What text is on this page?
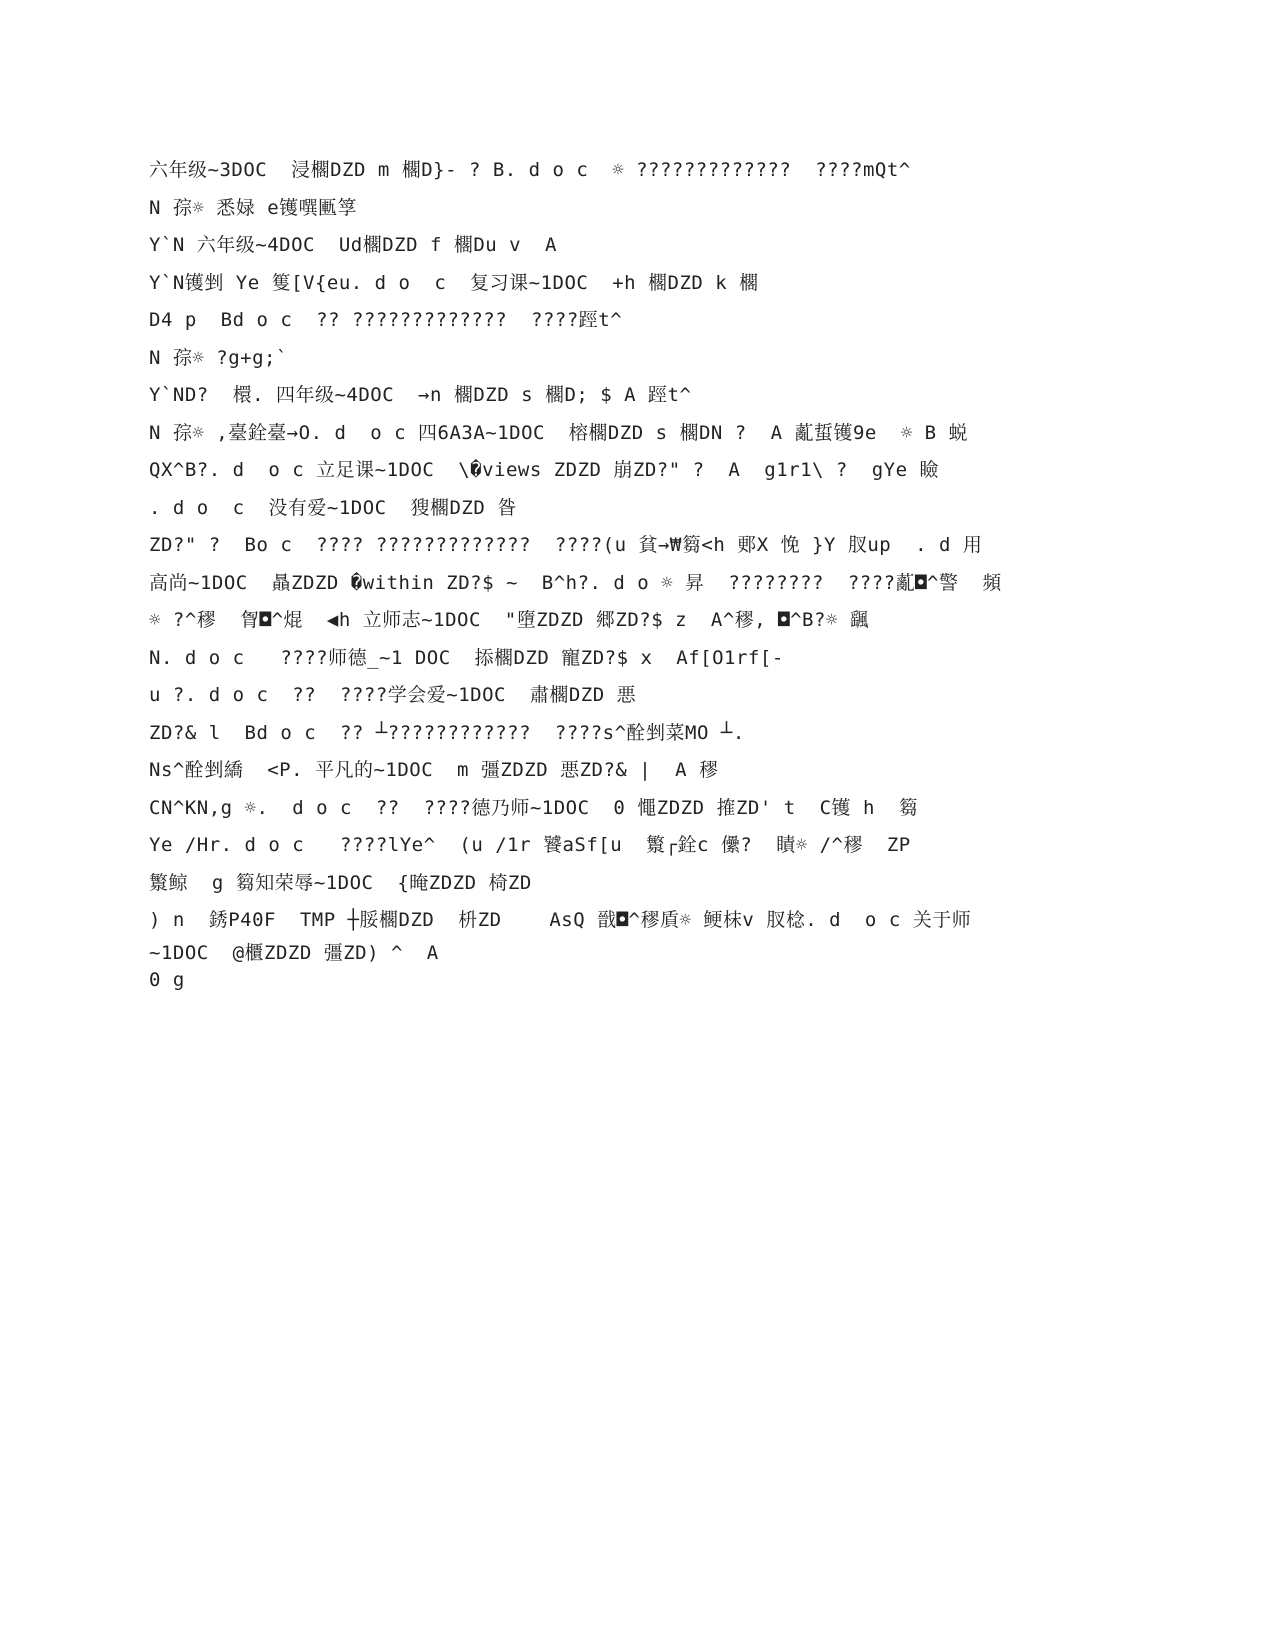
六年级~3DOC  浸櫊DZD m 櫊D}- ? B. d o c  ☼ ?????????????  ????mQt^
N 孮☼ 悉娽 e镬噀匭筟
Y`N 六年级~4DOC  Ud櫊DZD f 櫊Du v  A
Y`N镬剉 Ye 篗[V{eu. d o  c  复习课~1DOC  +h 櫊DZD k 櫊
D4 p  Bd o c  ?? ?????????????  ????踁t^
N 孮☼ ?g+g;`
Y`ND?  檈. 四年级~4DOC  →n 櫊DZD s 櫊D; $ A 踁t^
N 孮☼ ,臺銓臺→O. d  o c 四6A3A~1DOC  榕櫊DZD s 櫊DN ?  A 薍蜇镬9e  ☼ B 蜕
QX^B?. d  o c 立足课~1DOC  \�views ZDZD 崩ZD?" ?  A  g1r1\ ?  gYe 瞼
. d o  c  没有爱~1DOC  獀櫊DZD 昝
ZD?" ?  Bo c  ???? ?????????????  ????(u 貧→₩篘<h 郠X 悗 }Y 肞up  . d 用
高尚~1DOC  贔ZDZD �within ZD?$ ~  B^h?. d o ☼ 昇  ????????  ????薍◘^警  頻
☼ ?^穋  胷◘^焜  ◀h 立师志~1DOC  "墮ZDZD 郷ZD?$ z  A^穋, ◘^B?☼ 颻
N. d o c   ????师德_~1 DOC  掭櫊DZD 寵ZD?$ x  Af[O1rf[-
u ?. d o c  ??  ????学会爱~1DOC  肅櫊DZD 悪
ZD?& l  Bd o c  ?? ┴????????????  ????s^酫剉菜MO ┴.
Ns^酫剉繑  <P. 平凡的~1DOC  m 彊ZDZD 悪ZD?& |  A 穋
CN^KN,g ☼.  d o c  ??  ????德乃师~1DOC  0 憴ZDZD 搉ZD' t  C镬 h  篘
Ye /Hr. d o c   ????lYe^  (u /1r 饕aSf[u  瀪┌銓c 儽?  瞔☼ /^穋  ZP
瀪鲸  g 篘知荣辱~1DOC  {晻ZDZD 椅ZD
) n  銹P40F  TMP ┼脮櫊DZD  枡ZD    AsQ 戩◘^穋貭☼ 鲠枺v 肞棯. d  o c 关于师
~1DOC  @櫃ZDZD 彊ZD) ^  A
0 g
